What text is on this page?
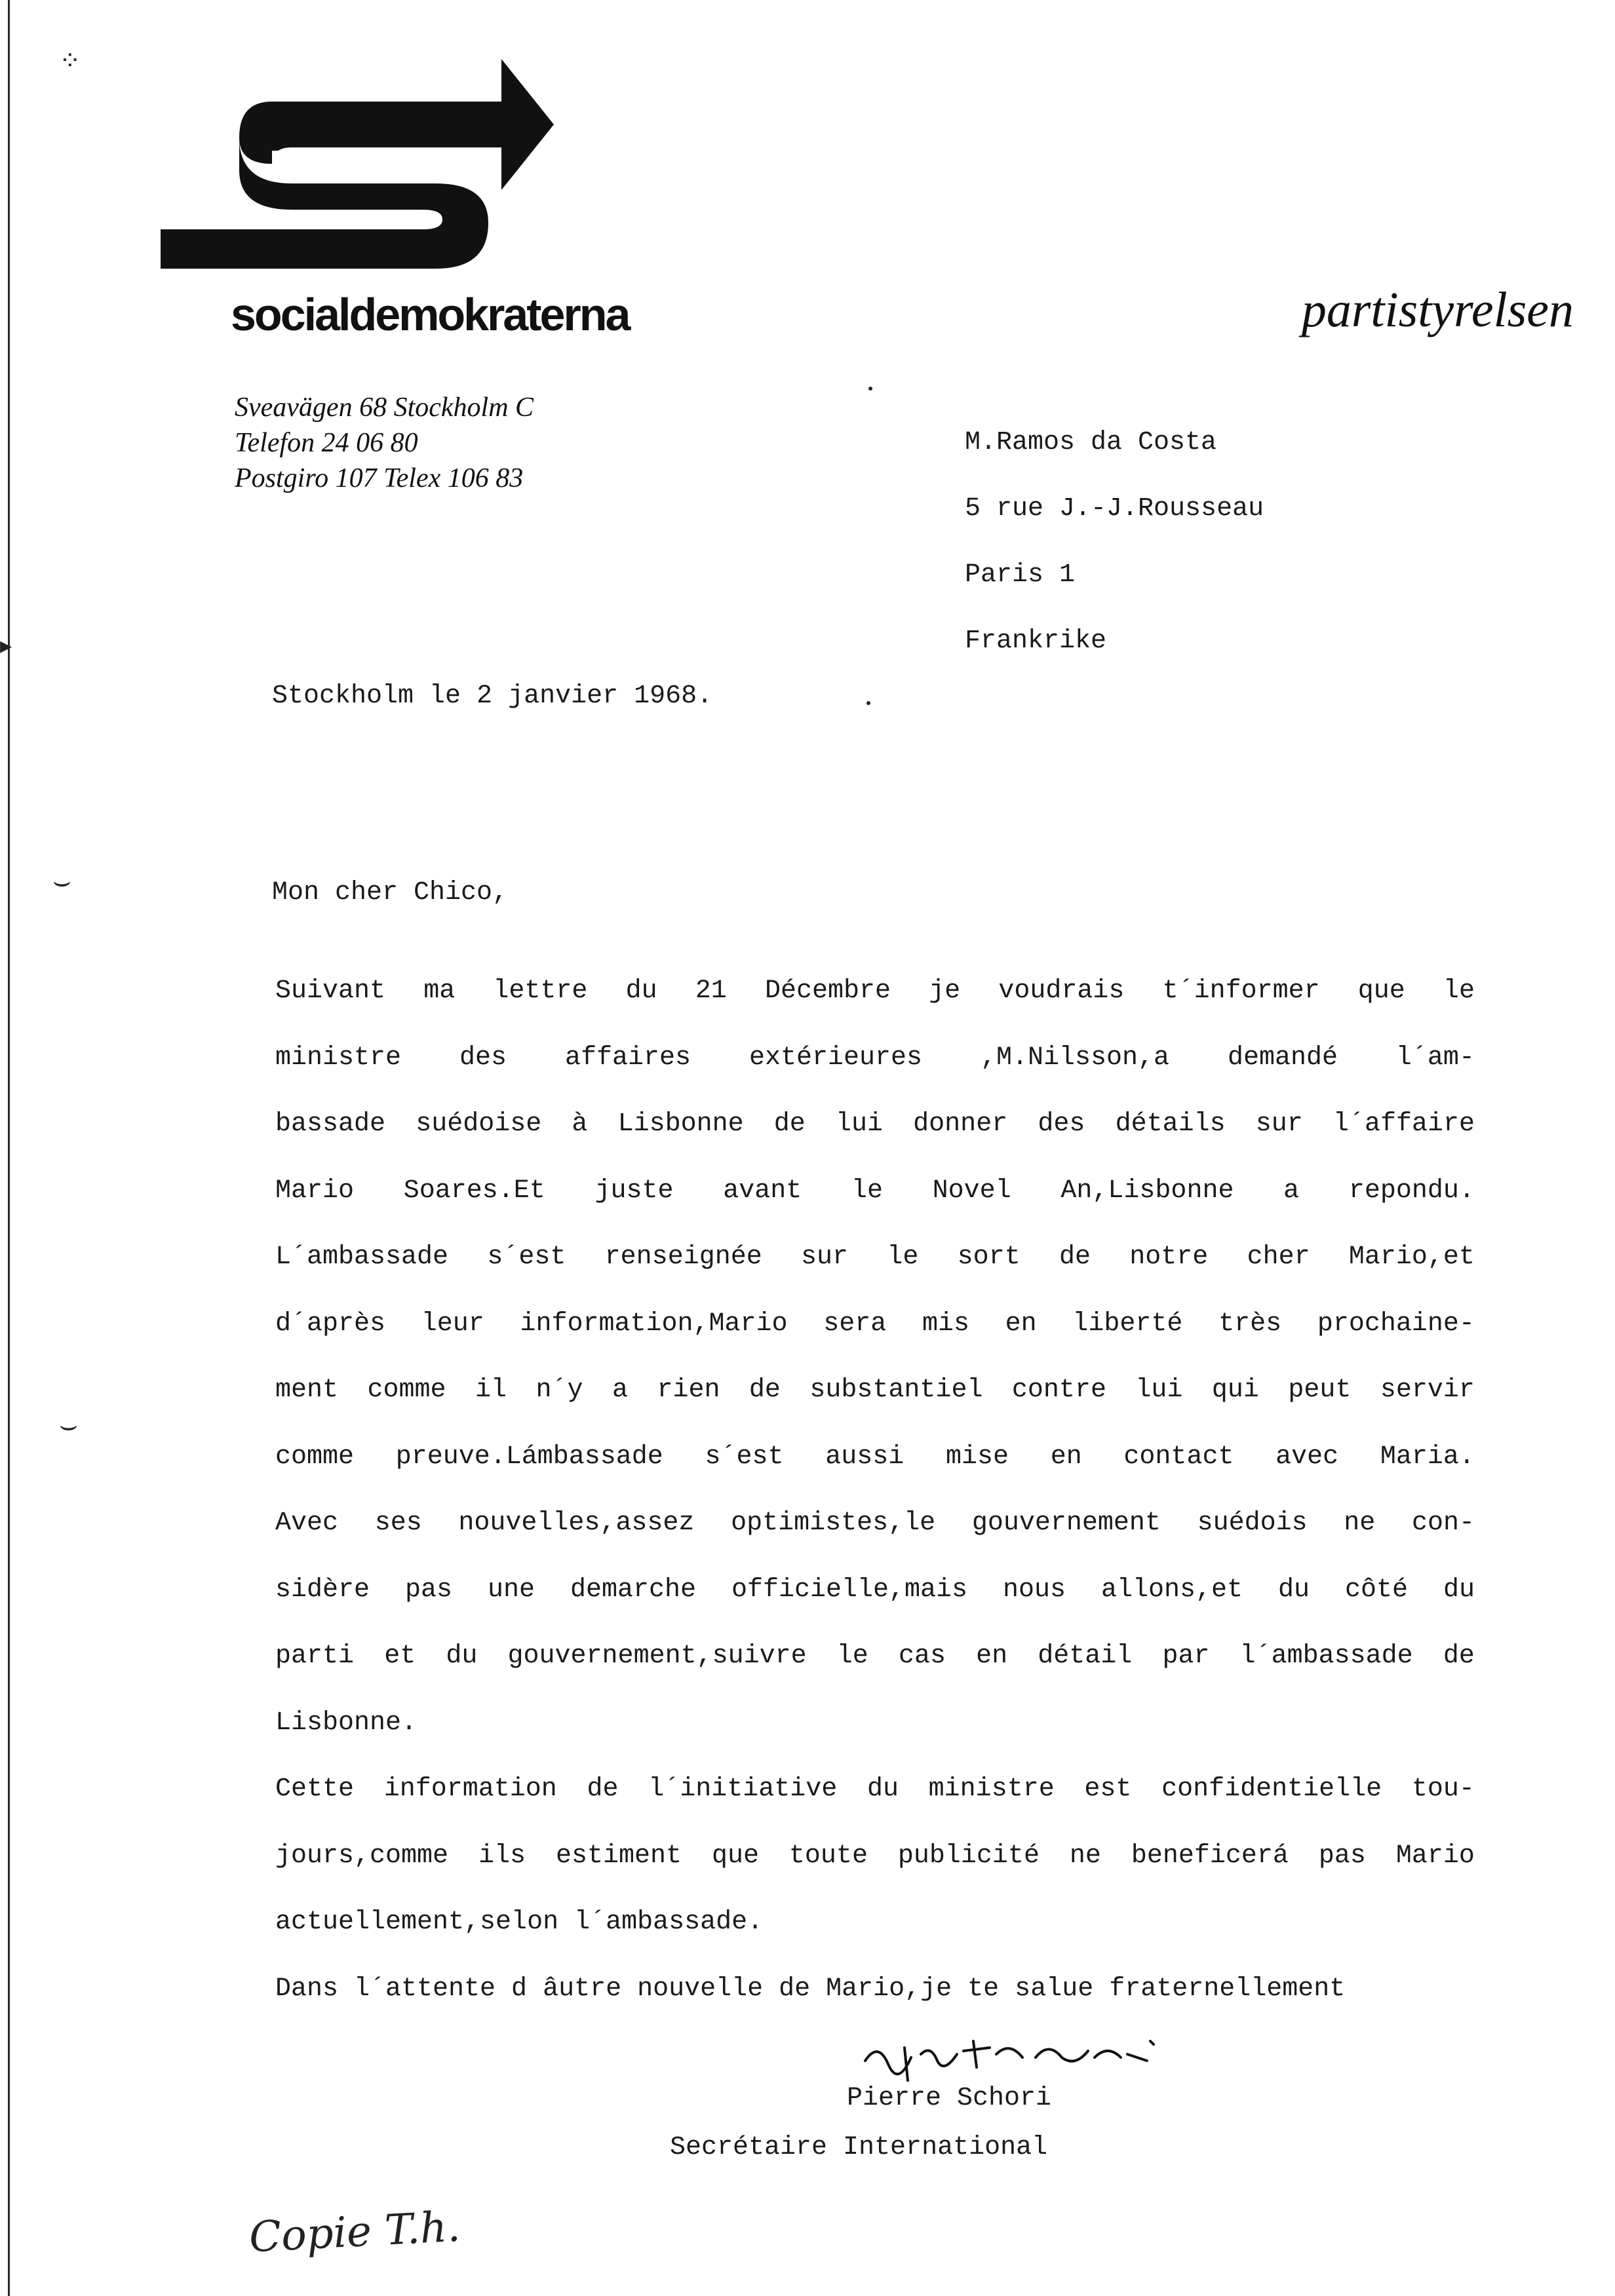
⁘
▸
⌣
⌣
socialdemokraterna	partistyrelsen
Sveavägen 68 Stockholm C
Telefon 24 06 80
Postgiro 107 Telex 106 83
M.Ramos da Costa
5 rue J.-J.Rousseau
Paris 1
Frankrike
Stockholm le 2 janvier 1968.
Mon cher Chico,
Suivant ma lettre du 21 Décembre je voudrais t´informer que le
ministre des affaires extérieures ,M.Nilsson,a demandé l´am-
bassade suédoise à Lisbonne de lui donner des détails sur l´affaire
Mario Soares.Et juste avant le Novel An,Lisbonne a repondu.
L´ambassade s´est renseignée sur le sort de notre cher Mario,et
d´après leur information,Mario sera mis en liberté très prochaine-
ment comme il n´y a rien de substantiel contre lui qui peut servir
comme preuve.Lámbassade s´est aussi mise en contact avec Maria.
Avec ses nouvelles,assez optimistes,le gouvernement suédois ne con-
sidère pas une demarche officielle,mais nous allons,et du côté du
parti et du gouvernement,suivre le cas en détail par l´ambassade de
Lisbonne.
Cette information de l´initiative du ministre est confidentielle tou-
jours,comme ils estiment que toute publicité ne beneficerá pas Mario
actuellement,selon l´ambassade.
Dans l´attente d âutre nouvelle de Mario,je te salue fraternellement
Pierre Schori
Secrétaire International
Copie T.h.
